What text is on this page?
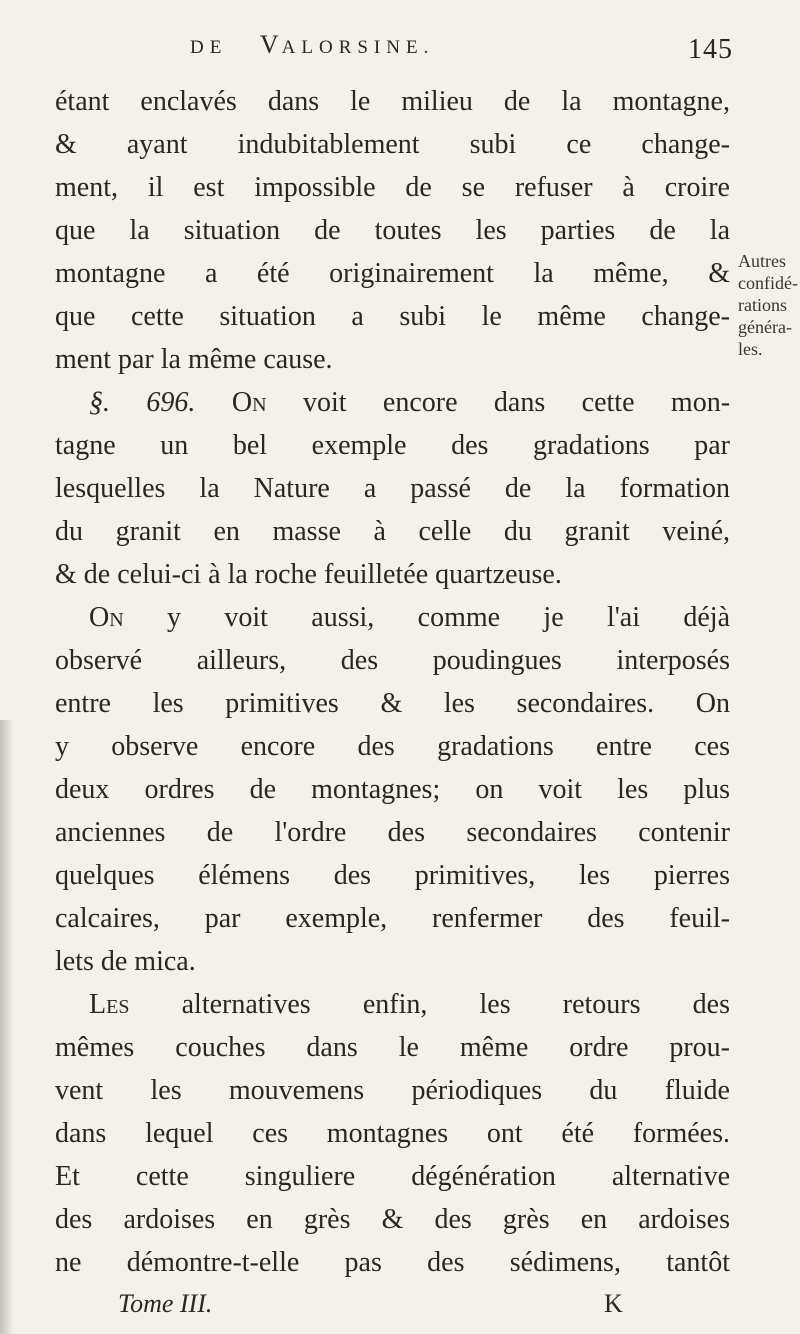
DE VALORSINE.	145
étant enclavés dans le milieu de la montagne,
& ayant indubitablement subi ce change-
ment, il est impossible de se refuser à croire
que la situation de toutes les parties de la
montagne a été originairement la même, &
que cette situation a subi le même change-
ment par la même cause.
§. 696. On voit encore dans cette mon-
tagne un bel exemple des gradations par
lesquelles la Nature a passé de la formation
du granit en masse à celle du granit veiné,
& de celui-ci à la roche feuilletée quartzeuse.
On y voit aussi, comme je l'ai déjà
observé ailleurs, des poudingues interposés
entre les primitives & les secondaires. On
y observe encore des gradations entre ces
deux ordres de montagnes; on voit les plus
anciennes de l'ordre des secondaires contenir
quelques élémens des primitives, les pierres
calcaires, par exemple, renfermer des feuil-
lets de mica.
Les alternatives enfin, les retours des
mêmes couches dans le même ordre prou-
vent les mouvemens périodiques du fluide
dans lequel ces montagnes ont été formées.
Et cette singuliere dégénération alternative
des ardoises en grès & des grès en ardoises
ne démontre-t-elle pas des sédimens, tantôt
Autres
confidé-
rations
généra-
les.
Tome III.	K
